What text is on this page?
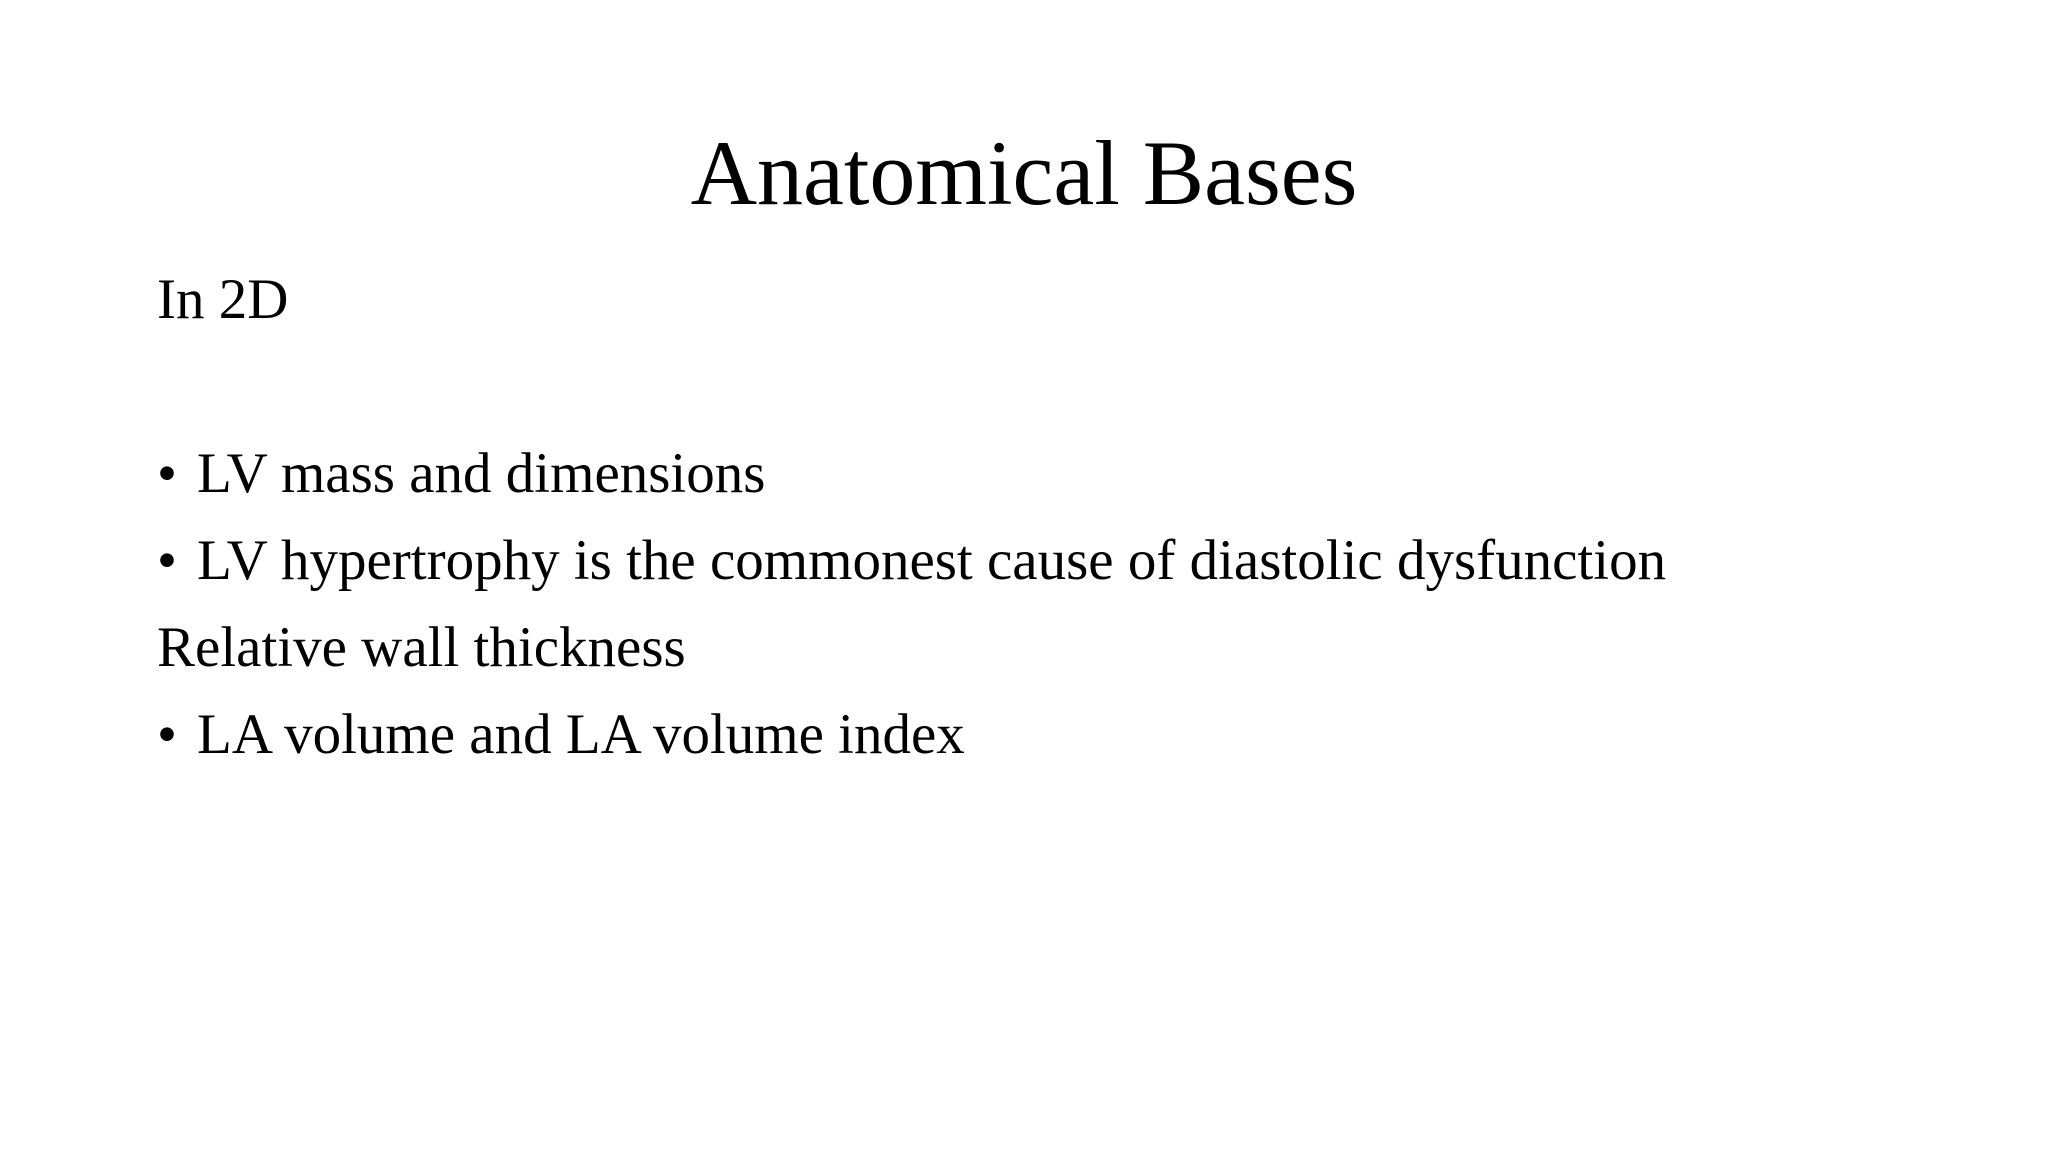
Anatomical Bases
In 2D
• LV mass and dimensions
• LV hypertrophy is the commonest cause of diastolic dysfunction
Relative wall thickness
• LA volume and LA volume index
